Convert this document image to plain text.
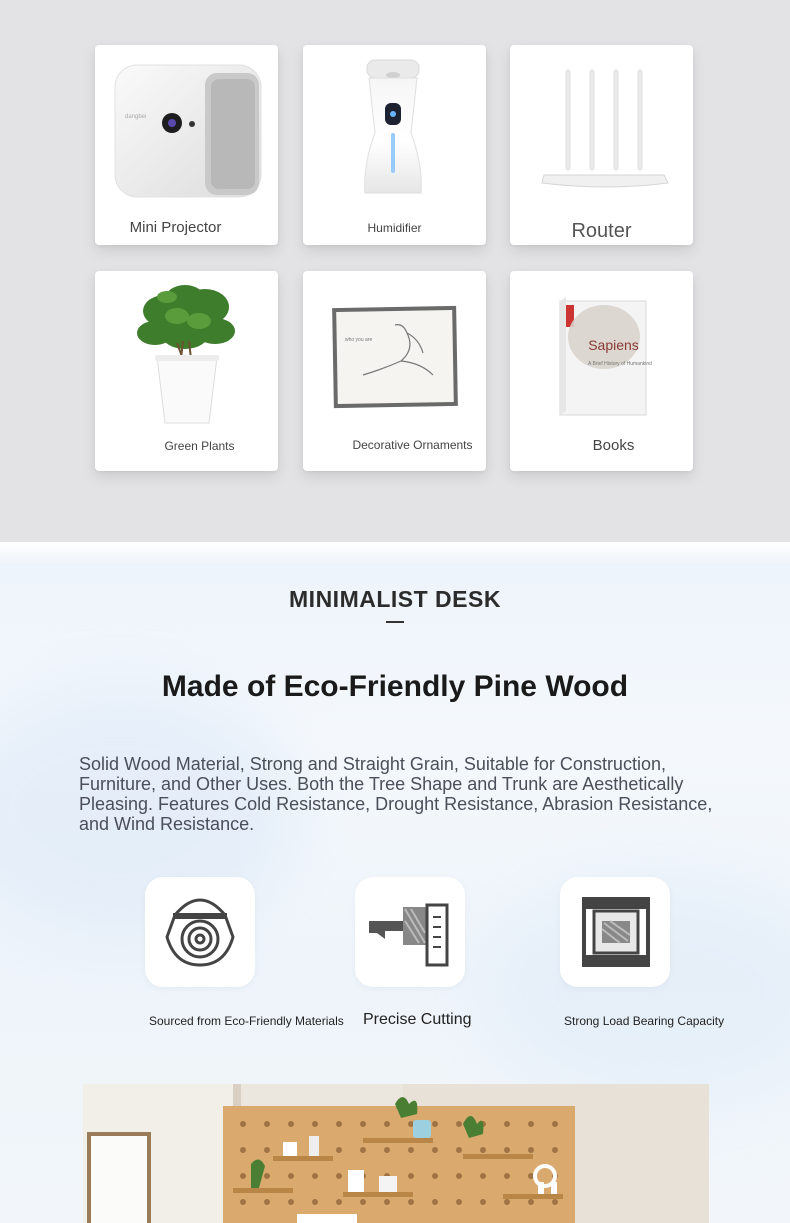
dangbei
Mini Projector	Humidifier	Router
Green Plants
who you are
Decorative Ornaments
A Brief History of Humankind
Sapiens
Books
MINIMALIST DESK
Made of Eco-Friendly Pine Wood

Solid Wood Material, Strong and Straight Grain, Suitable for Construction, Furniture, and Other Uses. Both the Tree Shape and Trunk are Aesthetically Pleasing. Features Cold Resistance, Drought Resistance, Abrasion Resistance, and Wind Resistance.

Sourced from Eco-Friendly Materials Precise Cutting	Strong Load Bearing Capacity
